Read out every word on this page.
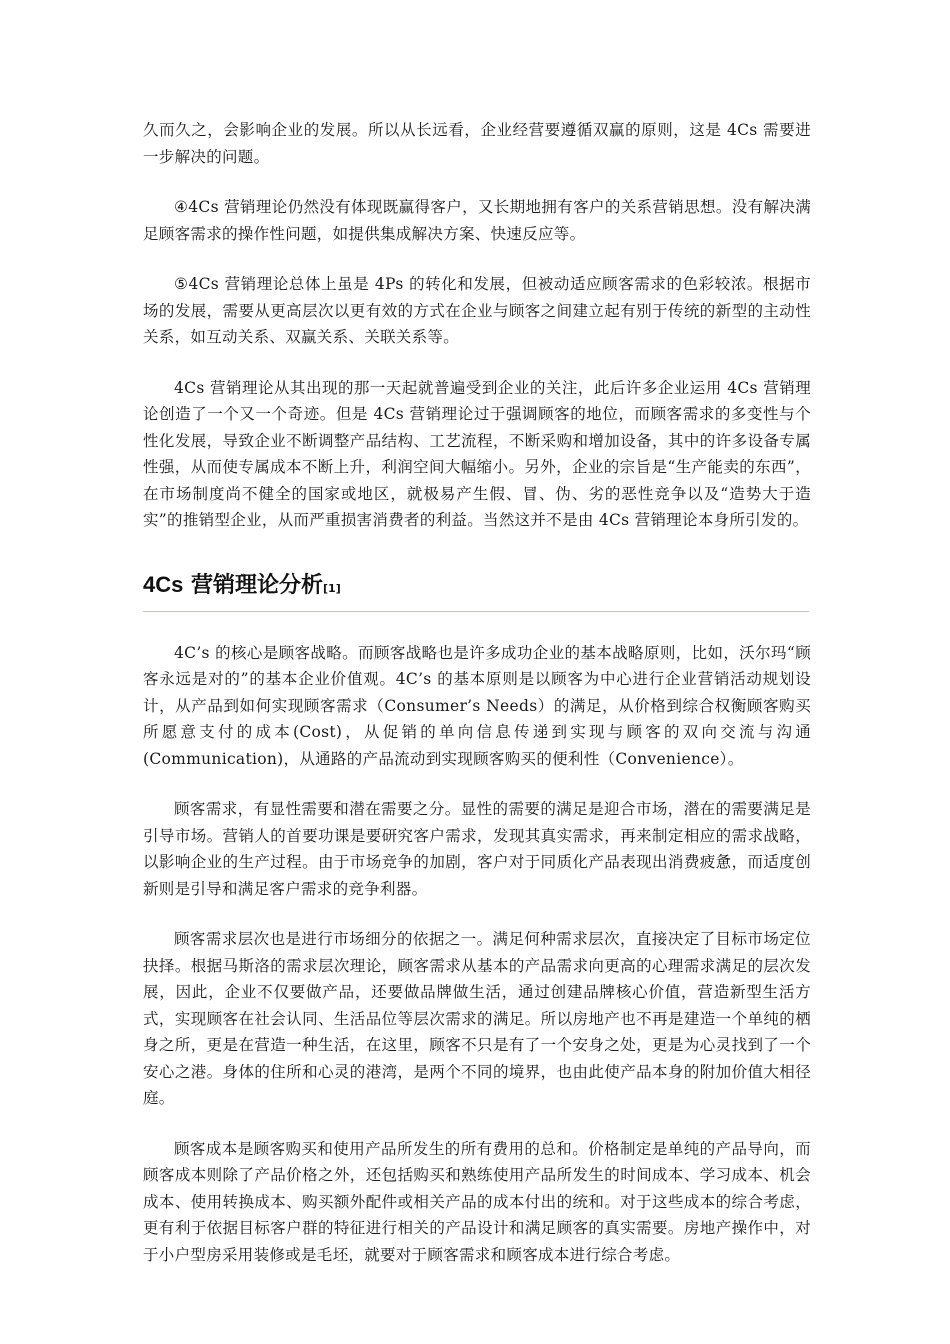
久而久之，会影响企业的发展。所以从长远看，企业经营要遵循双赢的原则，这是 4Cs 需要进一步解决的问题。

④4Cs 营销理论仍然没有体现既赢得客户，又长期地拥有客户的关系营销思想。没有解决满足顾客需求的操作性问题，如提供集成解决方案、快速反应等。

⑤4Cs 营销理论总体上虽是 4Ps 的转化和发展，但被动适应顾客需求的色彩较浓。根据市场的发展，需要从更高层次以更有效的方式在企业与顾客之间建立起有别于传统的新型的主动性关系，如互动关系、双赢关系、关联关系等。

4Cs 营销理论从其出现的那一天起就普遍受到企业的关注，此后许多企业运用 4Cs 营销理论创造了一个又一个奇迹。但是 4Cs 营销理论过于强调顾客的地位，而顾客需求的多变性与个性化发展，导致企业不断调整产品结构、工艺流程，不断采购和增加设备，其中的许多设备专属性强，从而使专属成本不断上升，利润空间大幅缩小。另外，企业的宗旨是“生产能卖的东西”，在市场制度尚不健全的国家或地区，就极易产生假、冒、伪、劣的恶性竞争以及“造势大于造实”的推销型企业，从而严重损害消费者的利益。当然这并不是由 4Cs 营销理论本身所引发的。

4Cs 营销理论分析[1]

4C’s 的核心是顾客战略。而顾客战略也是许多成功企业的基本战略原则，比如，沃尔玛“顾客永远是对的”的基本企业价值观。4C’s 的基本原则是以顾客为中心进行企业营销活动规划设计，从产品到如何实现顾客需求（Consumer’s Needs）的满足，从价格到综合权衡顾客购买所愿意支付的成本(Cost)，从促销的单向信息传递到实现与顾客的双向交流与沟通(Communication)，从通路的产品流动到实现顾客购买的便利性（Convenience）。

顾客需求，有显性需要和潜在需要之分。显性的需要的满足是迎合市场，潜在的需要满足是引导市场。营销人的首要功课是要研究客户需求，发现其真实需求，再来制定相应的需求战略，以影响企业的生产过程。由于市场竞争的加剧，客户对于同质化产品表现出消费疲惫，而适度创新则是引导和满足客户需求的竞争利器。

顾客需求层次也是进行市场细分的依据之一。满足何种需求层次，直接决定了目标市场定位抉择。根据马斯洛的需求层次理论，顾客需求从基本的产品需求向更高的心理需求满足的层次发展，因此，企业不仅要做产品，还要做品牌做生活，通过创建品牌核心价值，营造新型生活方式，实现顾客在社会认同、生活品位等层次需求的满足。所以房地产也不再是建造一个单纯的栖身之所，更是在营造一种生活，在这里，顾客不只是有了一个安身之处，更是为心灵找到了一个安心之港。身体的住所和心灵的港湾，是两个不同的境界，也由此使产品本身的附加价值大相径庭。

顾客成本是顾客购买和使用产品所发生的所有费用的总和。价格制定是单纯的产品导向，而顾客成本则除了产品价格之外，还包括购买和熟练使用产品所发生的时间成本、学习成本、机会成本、使用转换成本、购买额外配件或相关产品的成本付出的统和。对于这些成本的综合考虑，更有利于依据目标客户群的特征进行相关的产品设计和满足顾客的真实需要。房地产操作中，对于小户型房采用装修或是毛坯，就要对于顾客需求和顾客成本进行综合考虑。
